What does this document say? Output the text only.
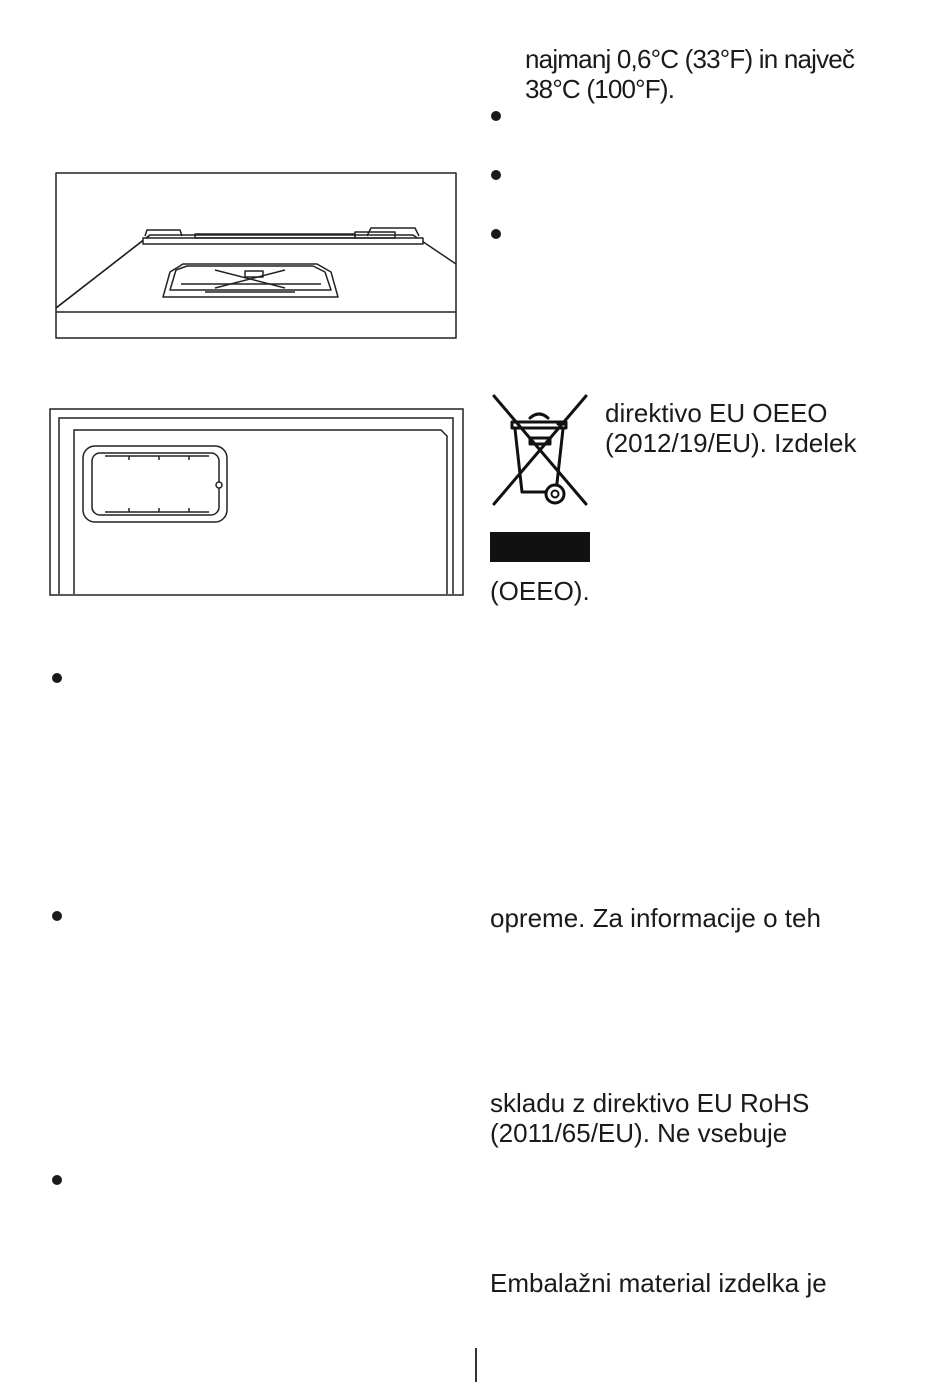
najmanj 0,6°C (33°F) in največ
38°C (100°F).
direktivo EU OEEO
(2012/19/EU). Izdelek
(OEEO).
opreme. Za informacije o teh
skladu z direktivo EU RoHS
(2011/65/EU). Ne vsebuje
Embalažni material izdelka je
